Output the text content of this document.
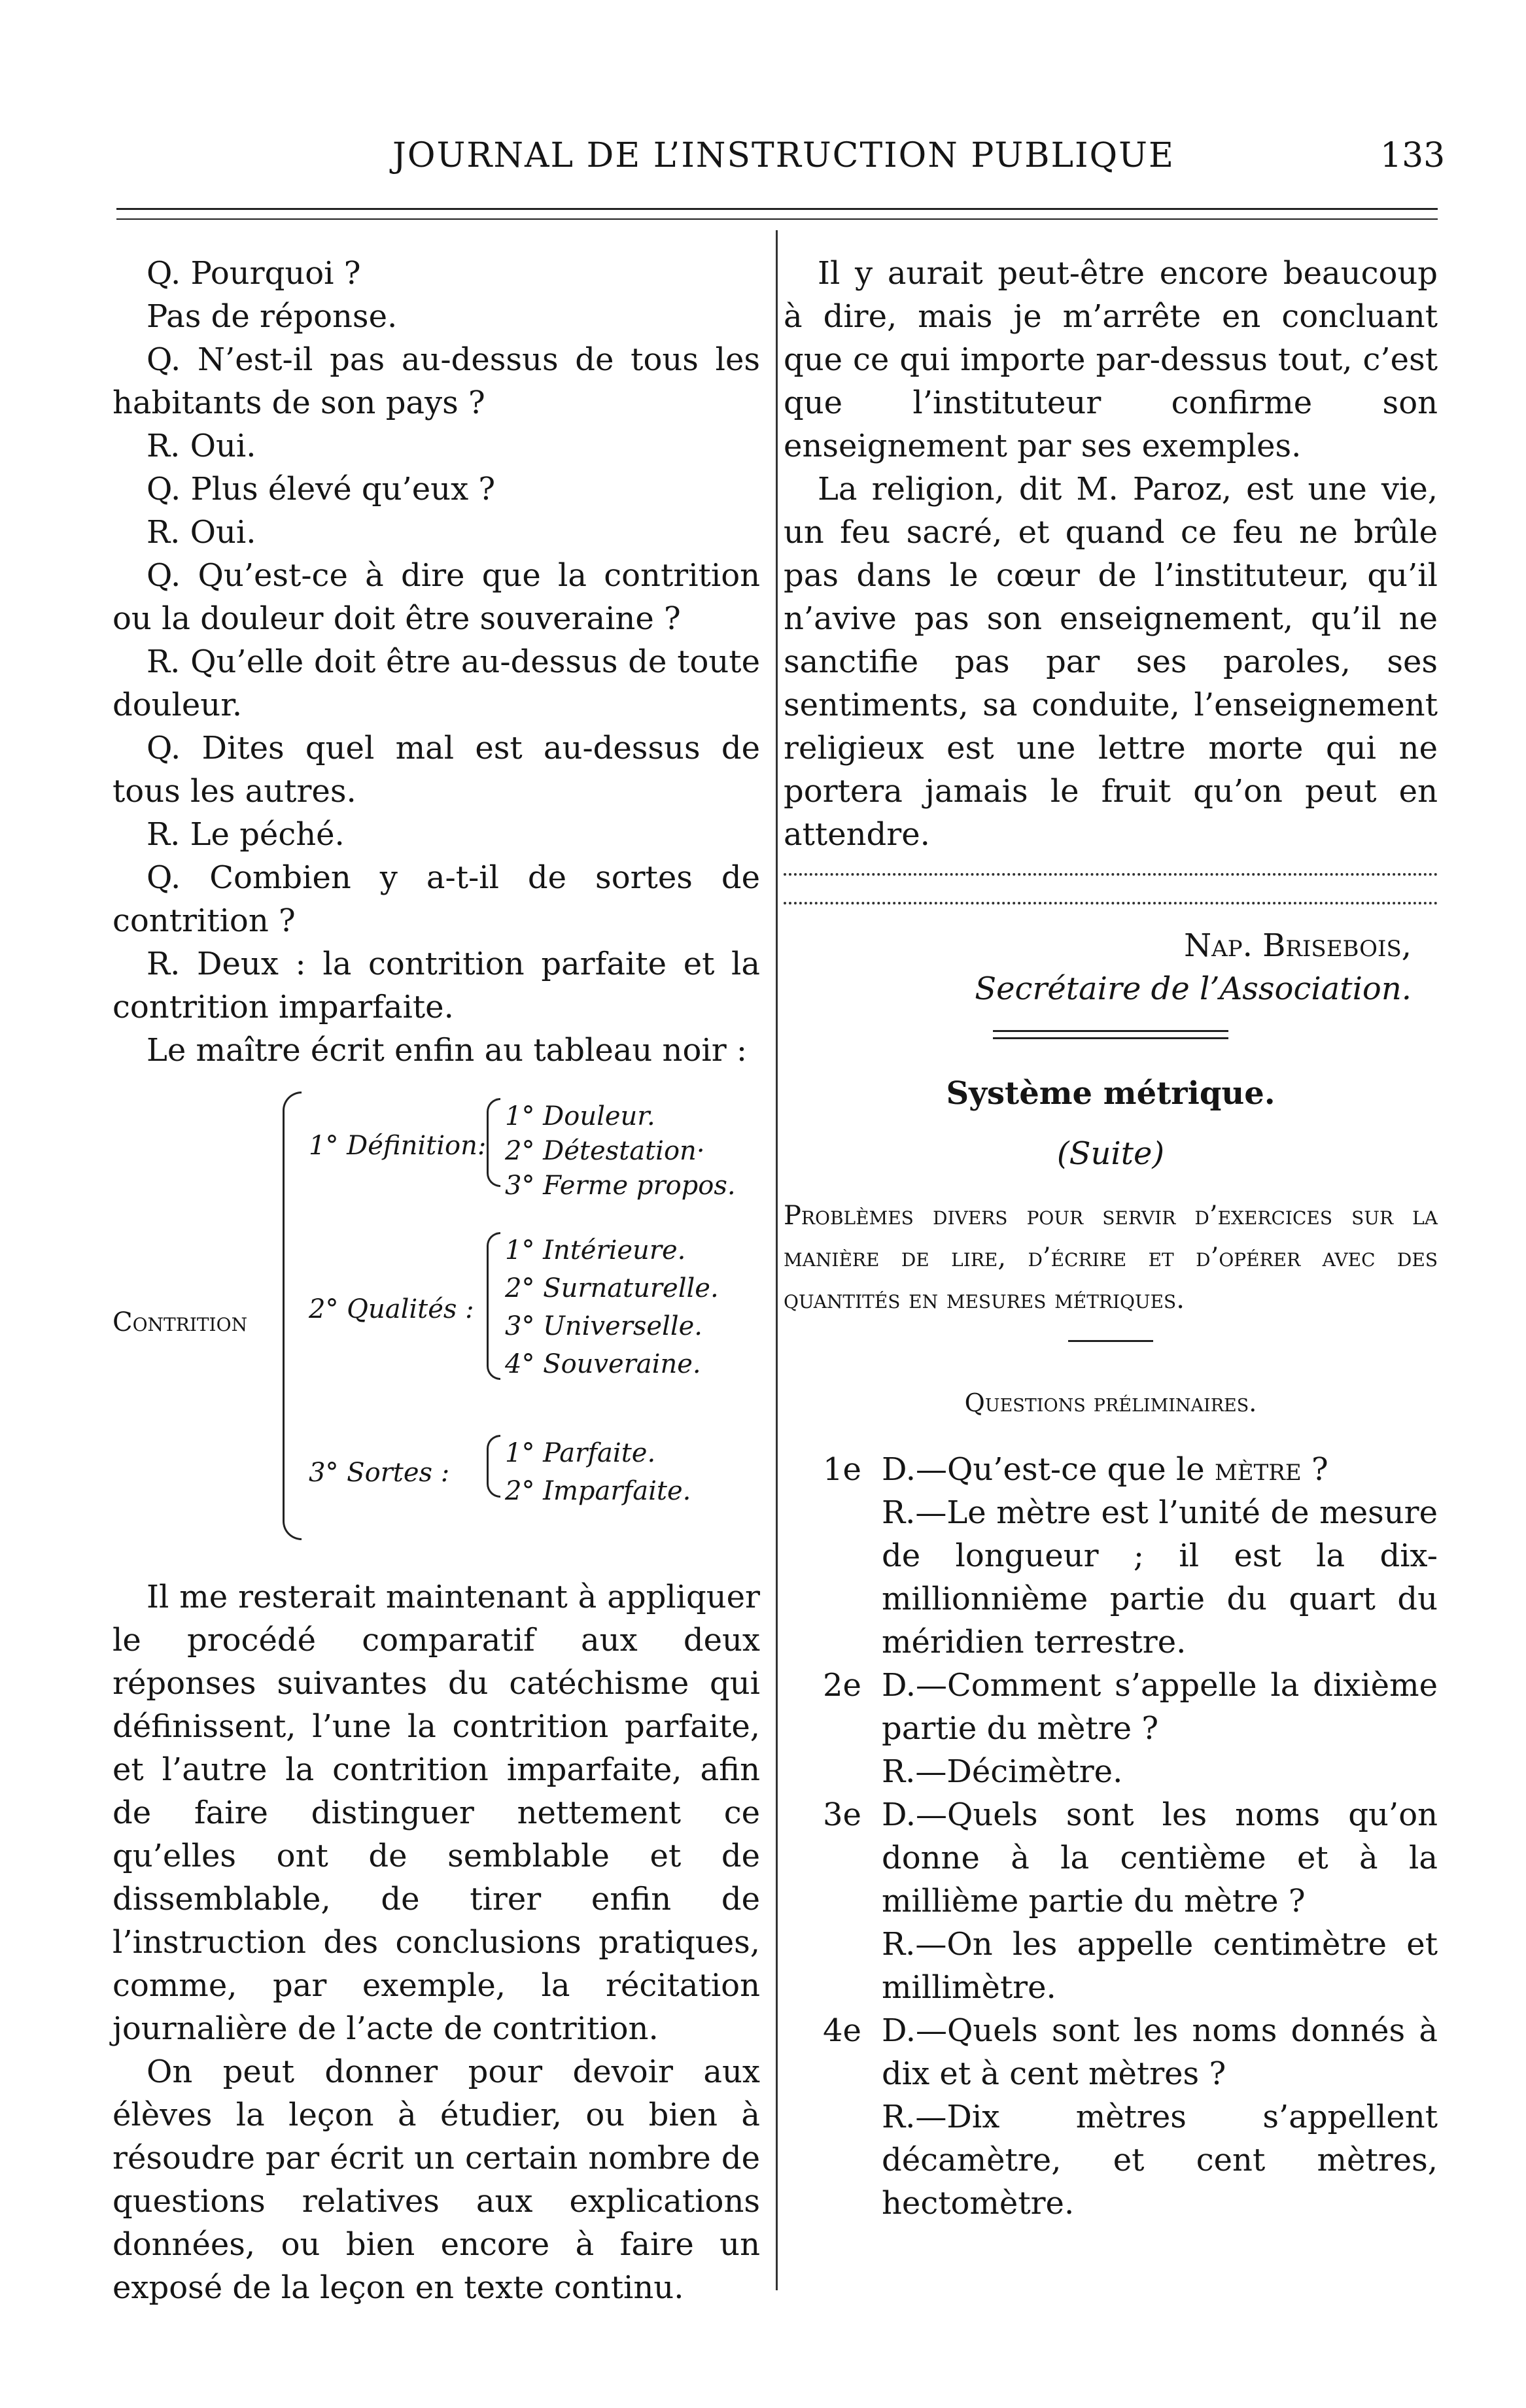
JOURNAL DE L’INSTRUCTION PUBLIQUE	133

Q. Pourquoi ?

Pas de réponse.

Q. N’est-il pas au-dessus de tous les habitants de son pays ?

R. Oui.

Q. Plus élevé qu’eux ?

R. Oui.

Q. Qu’est-ce à dire que la contrition ou la douleur doit être souveraine ?

R. Qu’elle doit être au-dessus de toute douleur.

Q. Dites quel mal est au-dessus de tous les autres.

R. Le péché.

Q. Combien y a-t-il de sortes de contrition ?

R. Deux : la contrition parfaite et la contrition imparfaite.

Le maître écrit enfin au tableau noir :

Contrition
1° Définition:
1° Douleur.
2° Détestation·
3° Ferme propos.
2° Qualités :
1° Intérieure.
2° Surnaturelle.
3° Universelle.
4° Souveraine.
3° Sortes :
1° Parfaite.
2° Imparfaite.

Il me resterait maintenant à appliquer le procédé comparatif aux deux réponses suivantes du catéchisme qui définissent, l’une la contrition parfaite, et l’autre la contrition imparfaite, afin de faire distinguer nettement ce qu’elles ont de semblable et de dissemblable, de tirer enfin de l’instruction des conclusions pratiques, comme, par exemple, la récitation journalière de l’acte de contrition.

On peut donner pour devoir aux élèves la leçon à étudier, ou bien à résoudre par écrit un certain nombre de questions relatives aux explications données, ou bien encore à faire un exposé de la leçon en texte continu.

Il y aurait peut-être encore beaucoup à dire, mais je m’arrête en concluant que ce qui importe par-dessus tout, c’est que l’instituteur confirme son enseignement par ses exemples.

La religion, dit M. Paroz, est une vie, un feu sacré, et quand ce feu ne brûle pas dans le cœur de l’instituteur, qu’il n’avive pas son enseignement, qu’il ne sanctifie pas par ses paroles, ses sentiments, sa conduite, l’enseignement religieux est une lettre morte qui ne portera jamais le fruit qu’on peut en attendre.

Nap. Brisebois,
Secrétaire de l’Association.
Système métrique.
(Suite)
Problèmes divers pour servir d’exercices sur la manière de lire, d’écrire et d’opérer avec des quantités en mesures métriques.
Questions préliminaires.
1e D.—Qu’est-ce que le mètre ?
R.—Le mètre est l’unité de mesure de longueur ; il est la dix-millionnième partie du quart du méridien terrestre.
2e D.—Comment s’appelle la dixième partie du mètre ?
R.—Décimètre.
3e D.—Quels sont les noms qu’on donne à la centième et à la millième partie du mètre ?
R.—On les appelle centimètre et millimètre.
4e D.—Quels sont les noms donnés à dix et à cent mètres ?
R.—Dix mètres s’appellent décamètre, et cent mètres, hectomètre.
